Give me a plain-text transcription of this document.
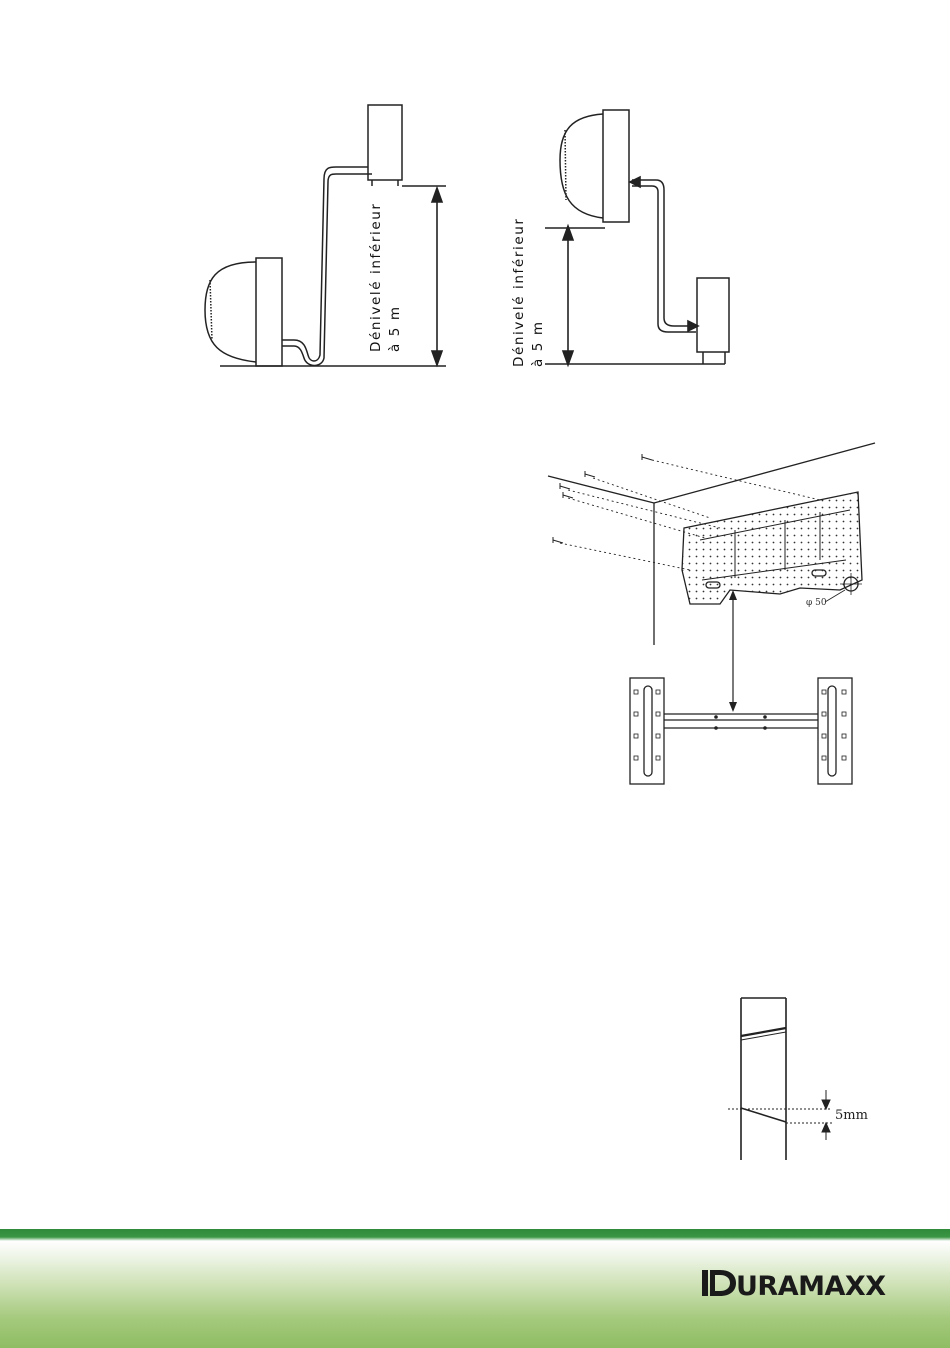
Dénivelé inférieur à 5 m	Dénivelé inférieur à 5 m
φ 50
5mm
URAMAXX
